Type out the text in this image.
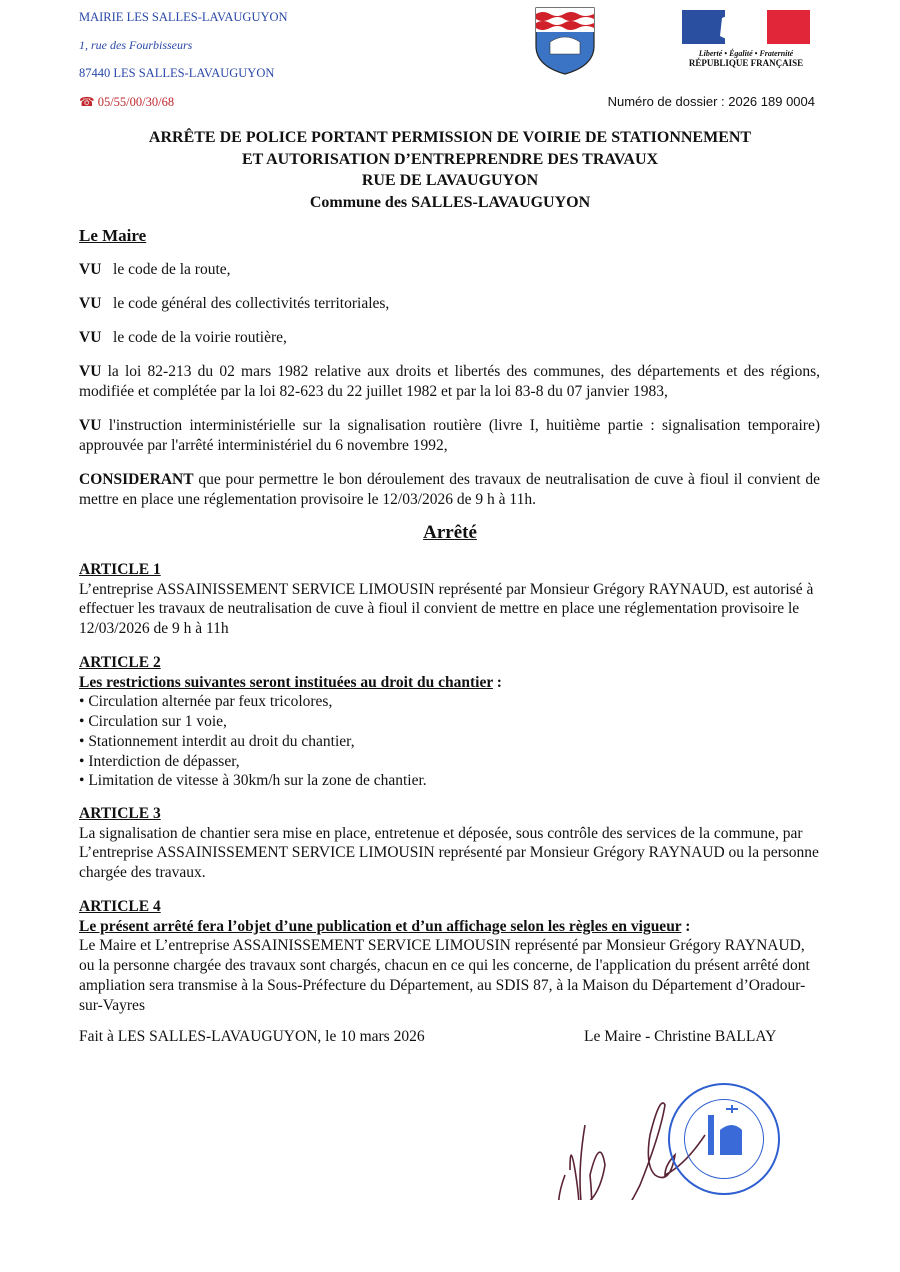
MAIRIE LES SALLES-LAVAUGUYON
1, rue des Fourbisseurs
87440 LES SALLES-LAVAUGUYON
☎ 05/55/00/30/68
Liberté • Égalité • Fraternité
RÉPUBLIQUE FRANÇAISE
Numéro de dossier : 2026 189 0004
ARRÊTE DE POLICE PORTANT PERMISSION DE VOIRIE DE STATIONNEMENT
ET AUTORISATION D’ENTREPRENDRE DES TRAVAUX
RUE DE LAVAUGUYON
Commune des SALLES-LAVAUGUYON
Le Maire
VU le code de la route,
VU le code général des collectivités territoriales,
VU le code de la voirie routière,
VU la loi 82-213 du 02 mars 1982 relative aux droits et libertés des communes, des départements et des régions, modifiée et complétée par la loi 82-623 du 22 juillet 1982 et par la loi 83-8 du 07 janvier 1983,
VU l'instruction interministérielle sur la signalisation routière (livre I, huitième partie : signalisation temporaire) approuvée par l'arrêté interministériel du 6 novembre 1992,
CONSIDERANT que pour permettre le bon déroulement des travaux de neutralisation de cuve à fioul il convient de mettre en place une réglementation provisoire le 12/03/2026 de 9 h à 11h.
Arrêté
ARTICLE 1
L’entreprise ASSAINISSEMENT SERVICE LIMOUSIN représenté par Monsieur Grégory RAYNAUD, est autorisé à effectuer les travaux de neutralisation de cuve à fioul il convient de mettre en place une réglementation provisoire le 12/03/2026 de 9 h à 11h
ARTICLE 2
Les restrictions suivantes seront instituées au droit du chantier :
• Circulation alternée par feux tricolores,
• Circulation sur 1 voie,
• Stationnement interdit au droit du chantier,
• Interdiction de dépasser,
• Limitation de vitesse à 30km/h sur la zone de chantier.
ARTICLE 3
La signalisation de chantier sera mise en place, entretenue et déposée, sous contrôle des services de la commune, par L’entreprise ASSAINISSEMENT SERVICE LIMOUSIN représenté par Monsieur Grégory RAYNAUD ou la personne chargée des travaux.
ARTICLE 4
Le présent arrêté fera l’objet d’une publication et d’un affichage selon les règles en vigueur :
Le Maire et L’entreprise ASSAINISSEMENT SERVICE LIMOUSIN représenté par Monsieur Grégory RAYNAUD, ou la personne chargée des travaux sont chargés, chacun en ce qui les concerne, de l'application du présent arrêté dont ampliation sera transmise à la Sous-Préfecture du Département, au SDIS 87, à la Maison du Département d’Oradour-sur-Vayres
Fait à LES SALLES-LAVAUGUYON, le 10 mars 2026	Le Maire - Christine BALLAY
